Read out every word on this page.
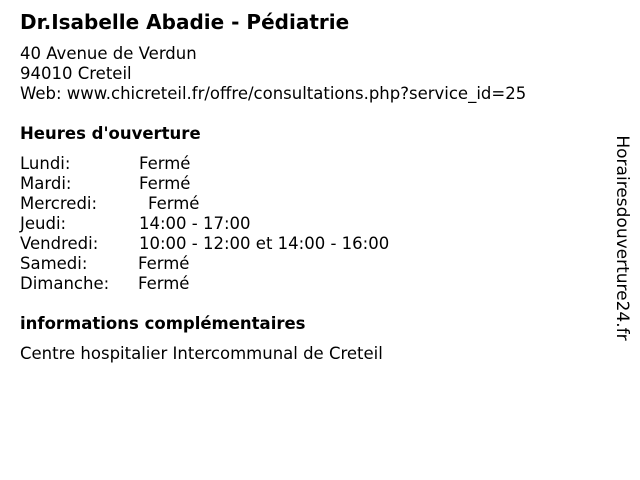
Dr.Isabelle Abadie - Pédiatrie
40 Avenue de Verdun
94010 Creteil
Web: www.chicreteil.fr/offre/consultations.php?service_id=25
Heures d'ouverture
Lundi:	Fermé
Mardi:	Fermé
Mercredi:	Fermé
Jeudi:	14:00 - 17:00
Vendredi:	10:00 - 12:00 et 14:00 - 16:00
Samedi:	Fermé
Dimanche:	Fermé
informations complémentaires
Centre hospitalier Intercommunal de Creteil
Horairesdouverture24.fr
